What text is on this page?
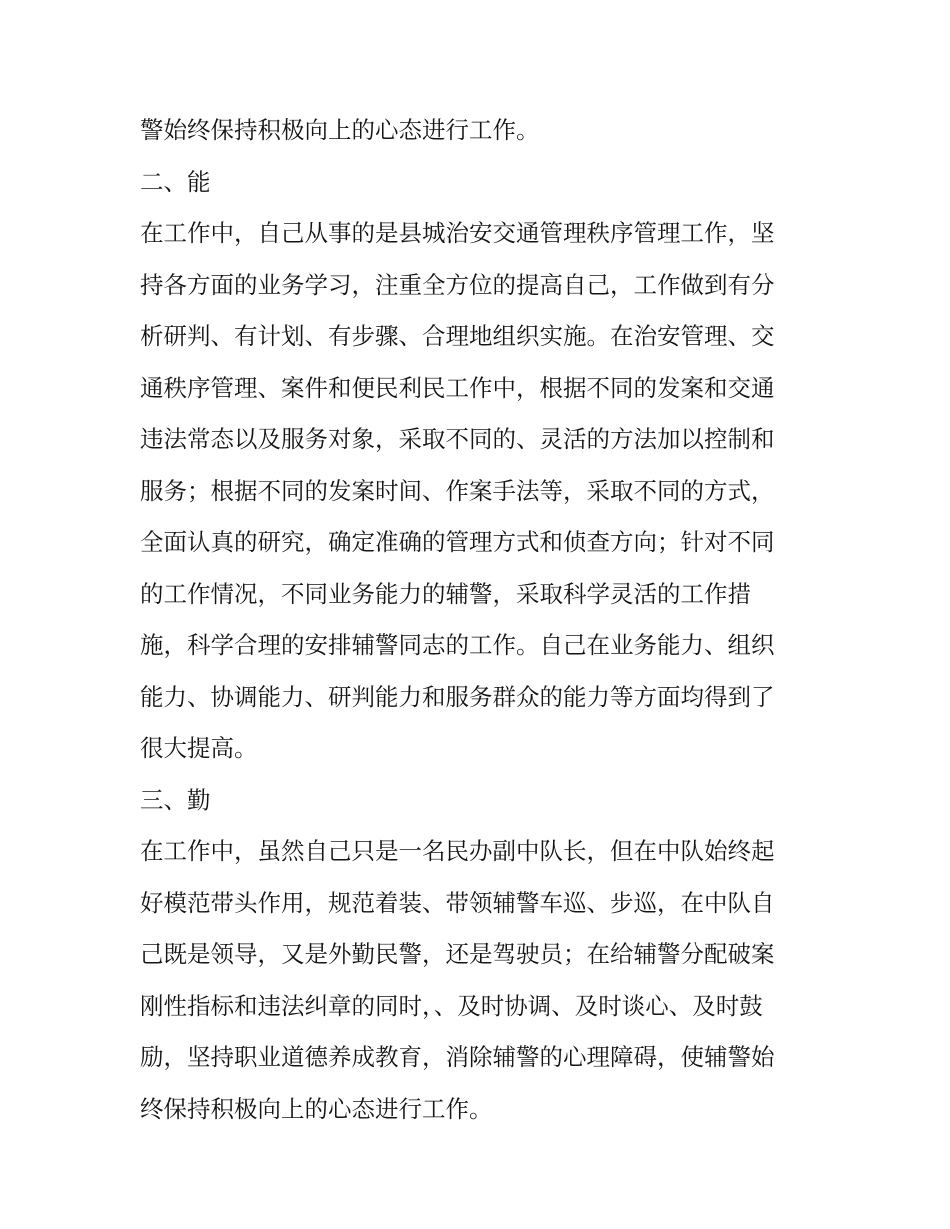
警始终保持积极向上的心态进行工作。
二、能
在工作中，自己从事的是县城治安交通管理秩序管理工作，坚
持各方面的业务学习，注重全方位的提高自己，工作做到有分
析研判、有计划、有步骤、合理地组织实施。在治安管理、交
通秩序管理、案件和便民利民工作中，根据不同的发案和交通
违法常态以及服务对象，采取不同的、灵活的方法加以控制和
服务；根据不同的发案时间、作案手法等，采取不同的方式，
全面认真的研究，确定准确的管理方式和侦查方向；针对不同
的工作情况，不同业务能力的辅警，采取科学灵活的工作措
施，科学合理的安排辅警同志的工作。自己在业务能力、组织
能力、协调能力、研判能力和服务群众的能力等方面均得到了
很大提高。
三、勤
在工作中，虽然自己只是一名民办副中队长，但在中队始终起
好模范带头作用，规范着装、带领辅警车巡、步巡，在中队自
己既是领导，又是外勤民警，还是驾驶员；在给辅警分配破案
刚性指标和违法纠章的同时，、及时协调、及时谈心、及时鼓
励，坚持职业道德养成教育，消除辅警的心理障碍，使辅警始
终保持积极向上的心态进行工作。
